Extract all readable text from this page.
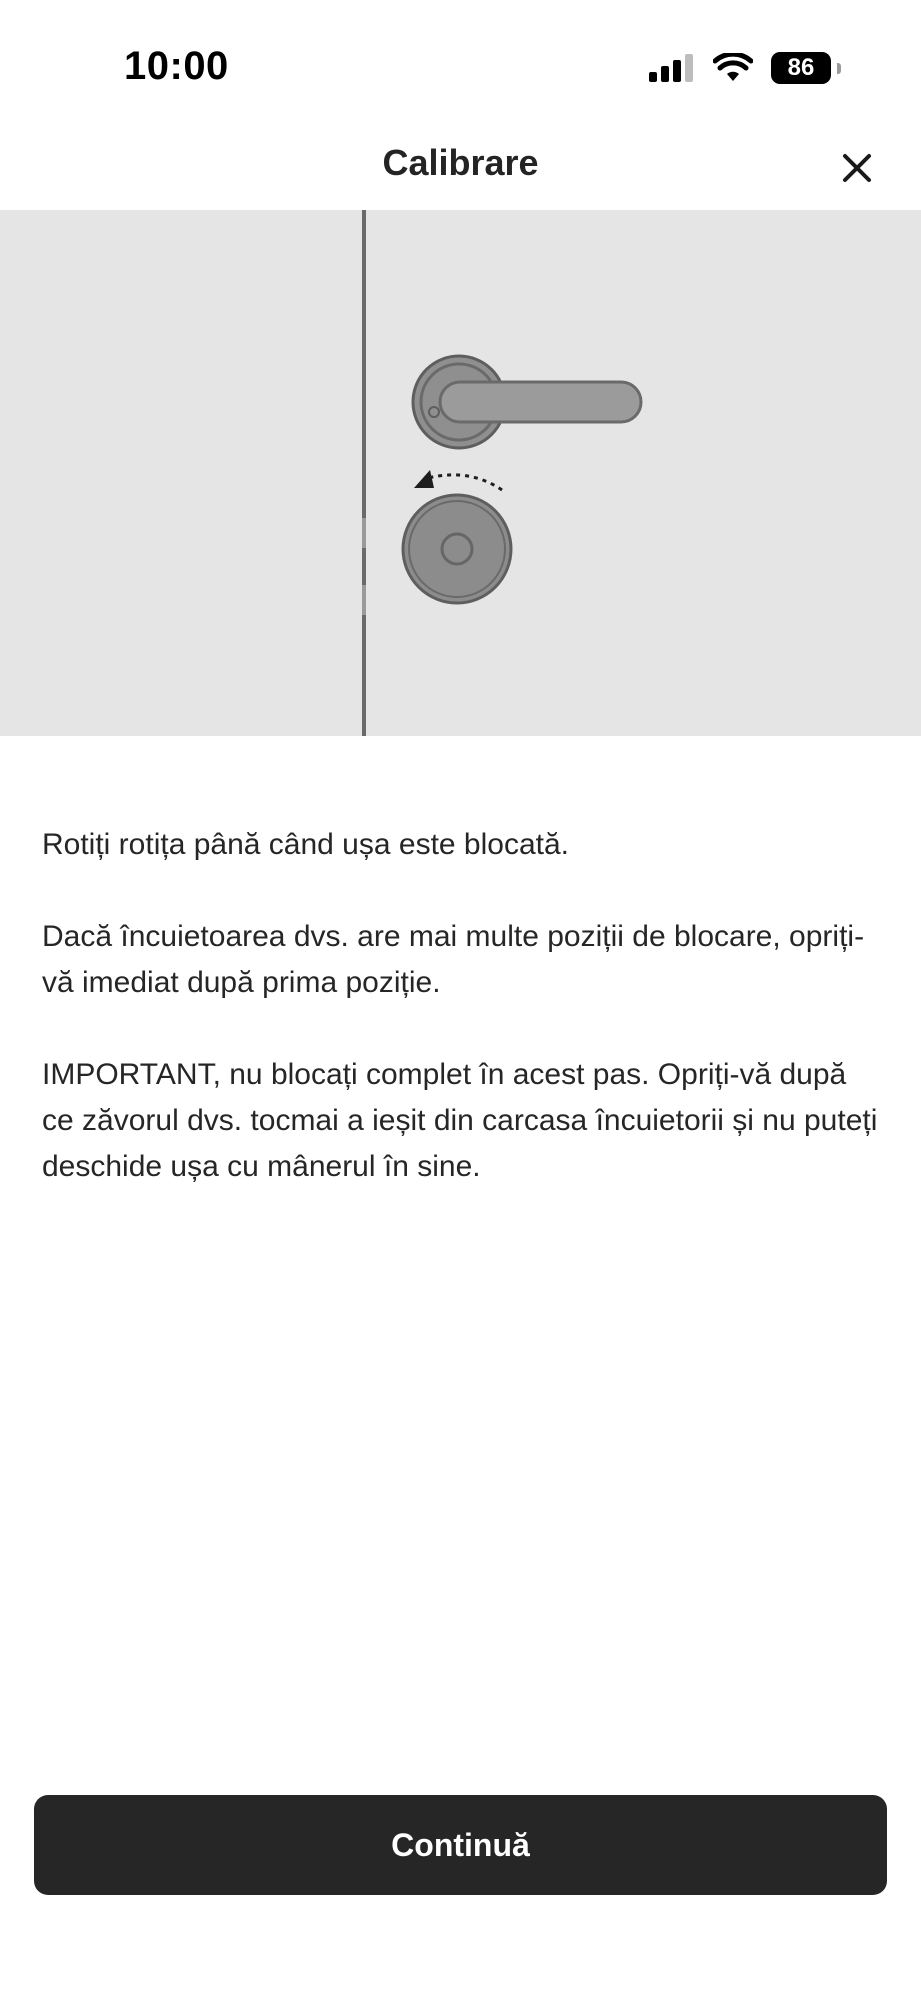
10:00	86
Calibrare

Rotiți rotița până când ușa este blocată.

Dacă încuietoarea dvs. are mai multe poziții de blocare, opriți-vă imediat după prima poziție.

IMPORTANT, nu blocați complet în acest pas. Opriți-vă după ce zăvorul dvs. tocmai a ieșit din carcasa încuietorii și nu puteți deschide ușa cu mânerul în sine.

Continuă
